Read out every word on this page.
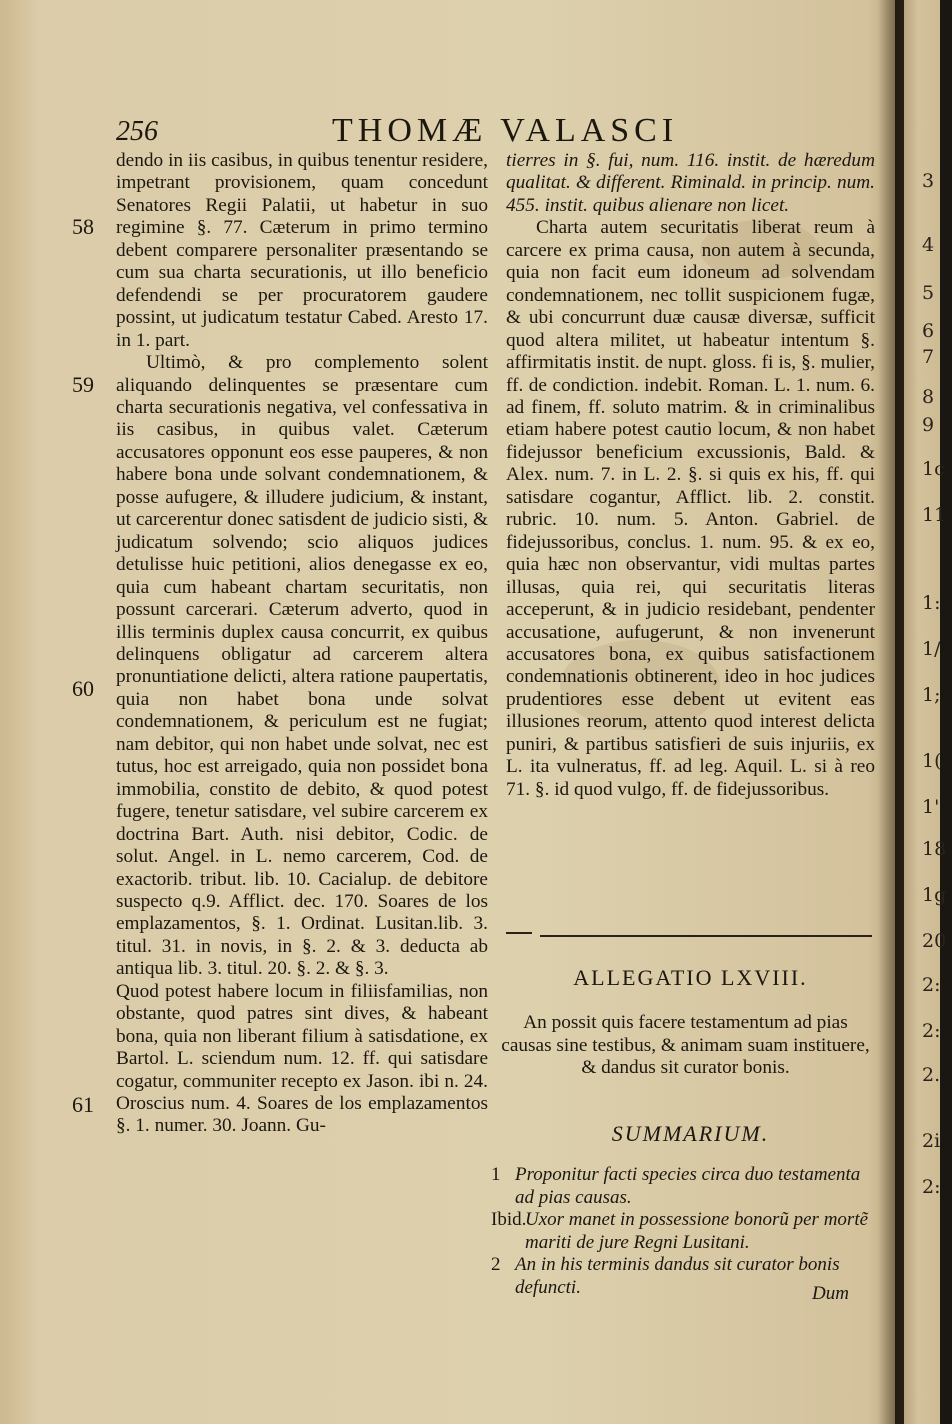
256	THOMÆ VALASCI
58
59
60
61

dendo in iis casibus, in quibus tenentur residere, impetrant provisionem, quam concedunt Senatores Regii Palatii, ut habetur in suo regimine §. 77. Cæterum in primo termino debent comparere personaliter præsentando se cum sua charta securationis, ut illo beneficio defendendi se per procuratorem gaudere possint, ut judicatum testatur Cabed. Aresto 17. in 1. part.

Ultimò, & pro complemento solent aliquando delinquentes se præsentare cum charta securationis negativa, vel confessativa in iis casibus, in quibus valet. Cæterum accusatores opponunt eos esse pauperes, & non habere bona unde solvant condemnationem, & posse aufugere, & illudere judicium, & instant, ut carcerentur donec satisdent de judicio sisti, & judicatum solvendo; scio aliquos judices detulisse huic petitioni, alios denegasse ex eo, quia cum habeant chartam securitatis, non possunt carcerari. Cæterum adverto, quod in illis terminis duplex causa concurrit, ex quibus delinquens obligatur ad carcerem altera pronuntiatione delicti, altera ratione paupertatis, quia non habet bona unde solvat condemnationem, & periculum est ne fugiat; nam debitor, qui non habet unde solvat, nec est tutus, hoc est arreigado, quia non possidet bona immobilia, constito de debito, & quod potest fugere, tenetur satisdare, vel subire carcerem ex doctrina Bart. Auth. nisi debitor, Codic. de solut. Angel. in L. nemo carcerem, Cod. de exactorib. tribut. lib. 10. Cacialup. de debitore suspecto q.9. Afflict. dec. 170. Soares de los emplazamentos, §. 1. Ordinat. Lusitan.lib. 3. titul. 31. in novis, in §. 2. & 3. deducta ab antiqua lib. 3. titul. 20. §. 2. & §. 3.

Quod potest habere locum in filiisfamilias, non obstante, quod patres sint dives, & habeant bona, quia non liberant filium à satisdatione, ex Bartol. L. sciendum num. 12. ff. qui satisdare cogatur, communiter recepto ex Jason. ibi n. 24. Oroscius num. 4. Soares de los emplazamentos §. 1. numer. 30. Joann. Gu-

tierres in §. fui, num. 116. instit. de hæredum qualitat. & different. Riminald. in princip. num. 455. instit. quibus alienare non licet.

Charta autem securitatis liberat reum à carcere ex prima causa, non autem à secunda, quia non facit eum idoneum ad solvendam condemnationem, nec tollit suspicionem fugæ, & ubi concurrunt duæ causæ diversæ, sufficit quod altera militet, ut habeatur intentum §. affirmitatis instit. de nupt. gloss. fi is, §. mulier, ff. de condiction. indebit. Roman. L. 1. num. 6. ad finem, ff. soluto matrim. & in criminalibus etiam habere potest cautio locum, & non habet fidejussor beneficium excussionis, Bald. & Alex. num. 7. in L. 2. §. si quis ex his, ff. qui satisdare cogantur, Afflict. lib. 2. constit. rubric. 10. num. 5. Anton. Gabriel. de fidejussoribus, conclus. 1. num. 95. & ex eo, quia hæc non observantur, vidi multas partes illusas, quia rei, qui securitatis literas acceperunt, & in judicio residebant, pendenter accusatione, aufugerunt, & non invenerunt accusatores bona, ex quibus satisfactionem condemnationis obtinerent, ideo in hoc judices prudentiores esse debent ut evitent eas illusiones reorum, attento quod interest delicta puniri, & partibus satisfieri de suis injuriis, ex L. ita vulneratus, ff. ad leg. Aquil. L. si à reo 71. §. id quod vulgo, ff. de fidejussoribus.

ALLEGATIO LXVIII.
An possit quis facere testamentum ad pias causas sine testibus, & animam suam instituere, & dandus sit curator bonis.
SUMMARIUM.
1 Proponitur facti species circa duo testamenta ad pias causas.
Ibid.
Uxor manet in possessione bonorũ per mortẽ mariti de jure Regni Lusitani.
2 An in his terminis dandus sit curator bonis defuncti.	Dum
3
4
5
6
7
8
9
1c
11
1:
1/
1;
1(
1'
18
1g
20
2:
2:
2.
2i
2:
